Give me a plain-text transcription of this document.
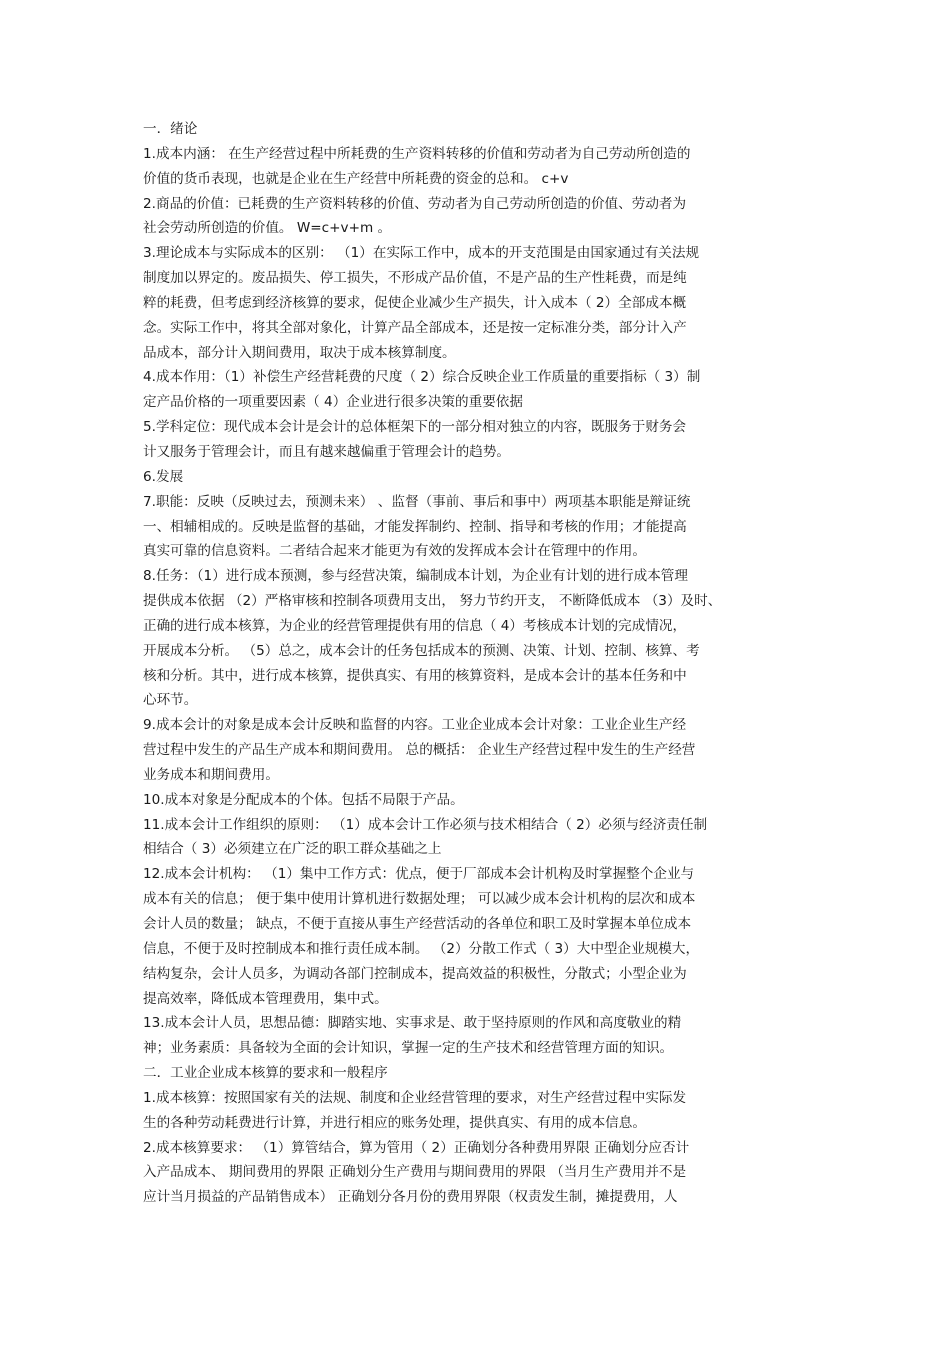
一．绪论
1.成本内涵： 在生产经营过程中所耗费的生产资料转移的价值和劳动者为自己劳动所创造的
价值的货币表现，也就是企业在生产经营中所耗费的资金的总和。 c+v
2.商品的价值：已耗费的生产资料转移的价值、劳动者为自己劳动所创造的价值、劳动者为
社会劳动所创造的价值。 W=c+v+m 。
3.理论成本与实际成本的区别： （1）在实际工作中，成本的开支范围是由国家通过有关法规
制度加以界定的。废品损失、停工损失，不形成产品价值，不是产品的生产性耗费，而是纯
粹的耗费，但考虑到经济核算的要求，促使企业减少生产损失，计入成本（ 2）全部成本概
念。实际工作中，将其全部对象化，计算产品全部成本，还是按一定标准分类，部分计入产
品成本，部分计入期间费用，取决于成本核算制度。
4.成本作用：（1）补偿生产经营耗费的尺度（ 2）综合反映企业工作质量的重要指标（ 3）制
定产品价格的一项重要因素（ 4）企业进行很多决策的重要依据
5.学科定位：现代成本会计是会计的总体框架下的一部分相对独立的内容，既服务于财务会
计又服务于管理会计，而且有越来越偏重于管理会计的趋势。
6.发展
7.职能：反映（反映过去，预测未来） 、监督（事前、事后和事中）两项基本职能是辩证统
一、相辅相成的。反映是监督的基础，才能发挥制约、控制、指导和考核的作用；才能提高
真实可靠的信息资料。二者结合起来才能更为有效的发挥成本会计在管理中的作用。
8.任务：（1）进行成本预测，参与经营决策，编制成本计划，为企业有计划的进行成本管理
提供成本依据 （2）严格审核和控制各项费用支出， 努力节约开支， 不断降低成本 （3）及时、
正确的进行成本核算，为企业的经营管理提供有用的信息（ 4）考核成本计划的完成情况，
开展成本分析。 （5）总之，成本会计的任务包括成本的预测、决策、计划、控制、核算、考
核和分析。其中，进行成本核算，提供真实、有用的核算资料，是成本会计的基本任务和中
心环节。
9.成本会计的对象是成本会计反映和监督的内容。工业企业成本会计对象：工业企业生产经
营过程中发生的产品生产成本和期间费用。 总的概括： 企业生产经营过程中发生的生产经营
业务成本和期间费用。
10.成本对象是分配成本的个体。包括不局限于产品。
11.成本会计工作组织的原则： （1）成本会计工作必须与技术相结合（ 2）必须与经济责任制
相结合（ 3）必须建立在广泛的职工群众基础之上
12.成本会计机构： （1）集中工作方式：优点，便于厂部成本会计机构及时掌握整个企业与
成本有关的信息； 便于集中使用计算机进行数据处理； 可以减少成本会计机构的层次和成本
会计人员的数量； 缺点，不便于直接从事生产经营活动的各单位和职工及时掌握本单位成本
信息，不便于及时控制成本和推行责任成本制。 （2）分散工作式（ 3）大中型企业规模大，
结构复杂，会计人员多，为调动各部门控制成本，提高效益的积极性，分散式；小型企业为
提高效率，降低成本管理费用，集中式。
13.成本会计人员，思想品德：脚踏实地、实事求是、敢于坚持原则的作风和高度敬业的精
神；业务素质：具备较为全面的会计知识，掌握一定的生产技术和经营管理方面的知识。
二．工业企业成本核算的要求和一般程序
1.成本核算：按照国家有关的法规、制度和企业经营管理的要求，对生产经营过程中实际发
生的各种劳动耗费进行计算，并进行相应的账务处理，提供真实、有用的成本信息。
2.成本核算要求： （1）算管结合，算为管用（ 2）正确划分各种费用界限 正确划分应否计
入产品成本、 期间费用的界限 正确划分生产费用与期间费用的界限 （当月生产费用并不是
应计当月损益的产品销售成本） 正确划分各月份的费用界限（权责发生制，摊提费用，人
